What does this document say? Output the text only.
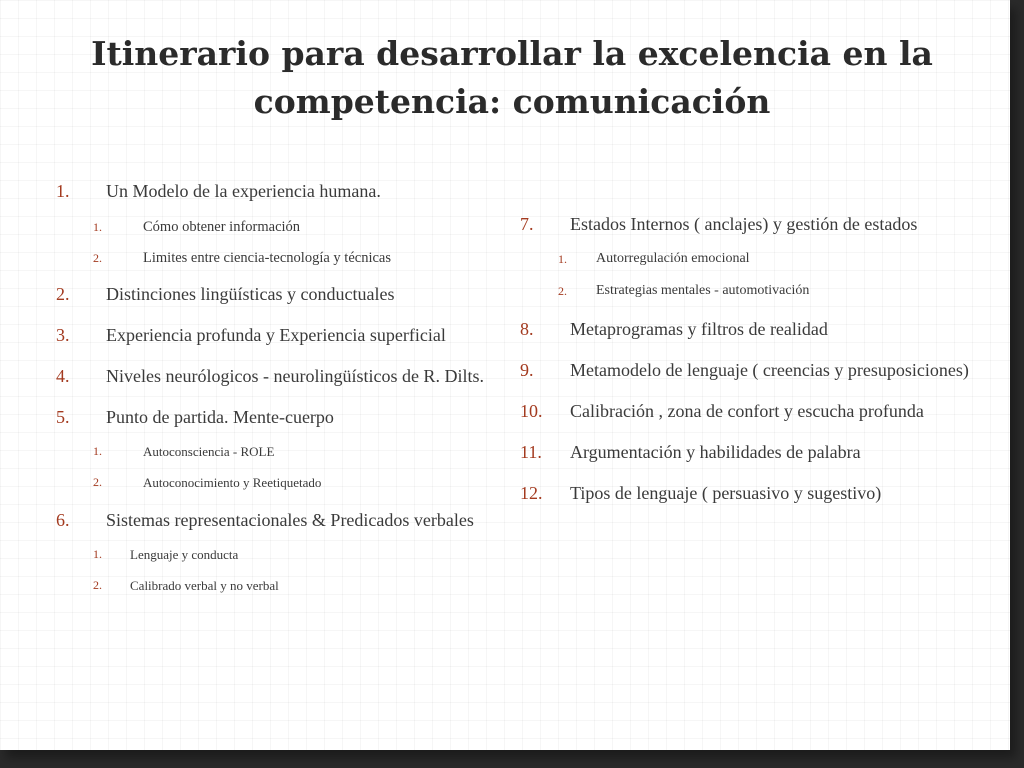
Itinerario para desarrollar la excelencia en la competencia: comunicación
1. Un Modelo de la experiencia humana.
1.	Cómo obtener información
2.	Limites entre ciencia-tecnología y técnicas
2. Distinciones lingüísticas y conductuales
3. Experiencia profunda y Experiencia superficial
4. Niveles neurólogicos - neurolingüísticos de R. Dilts.
5. Punto de partida. Mente-cuerpo
1.	Autoconsciencia - ROLE
2.	Autoconocimiento y Reetiquetado
6. Sistemas representacionales & Predicados verbales
1. Lenguaje y conducta
2. Calibrado verbal y no verbal
7. Estados Internos ( anclajes) y gestión de estados
1. Autorregulación emocional
2. Estrategias mentales - automotivación
8. Metaprogramas y filtros de realidad
9. Metamodelo de lenguaje ( creencias y presuposiciones)
10. Calibración , zona de confort y escucha profunda
11. Argumentación y habilidades de palabra
12. Tipos de lenguaje ( persuasivo y sugestivo)
